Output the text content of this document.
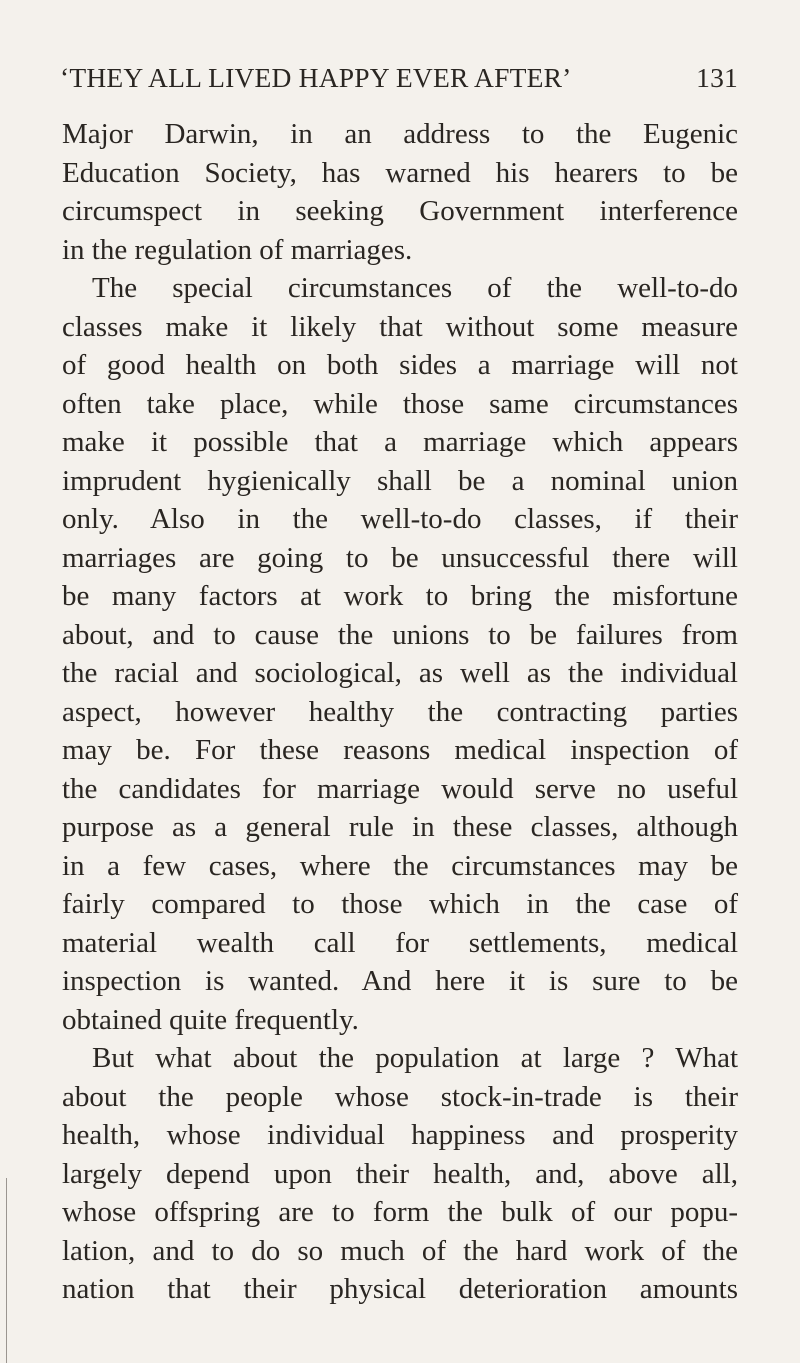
‘THEY ALL LIVED HAPPY EVER AFTER’	131
Major Darwin, in an address to the Eugenic
Education Society, has warned his hearers to be
circumspect in seeking Government interference
in the regulation of marriages.
The special circumstances of the well-to-do
classes make it likely that without some measure
of good health on both sides a marriage will not
often take place, while those same circumstances
make it possible that a marriage which appears
imprudent hygienically shall be a nominal union
only. Also in the well-to-do classes, if their
marriages are going to be unsuccessful there will
be many factors at work to bring the misfortune
about, and to cause the unions to be failures from
the racial and sociological, as well as the individual
aspect, however healthy the contracting parties
may be. For these reasons medical inspection of
the candidates for marriage would serve no useful
purpose as a general rule in these classes, although
in a few cases, where the circumstances may be
fairly compared to those which in the case of
material wealth call for settlements, medical
inspection is wanted. And here it is sure to be
obtained quite frequently.
But what about the population at large ? What
about the people whose stock-in-trade is their
health, whose individual happiness and prosperity
largely depend upon their health, and, above all,
whose offspring are to form the bulk of our popu-
lation, and to do so much of the hard work of the
nation that their physical deterioration amounts
